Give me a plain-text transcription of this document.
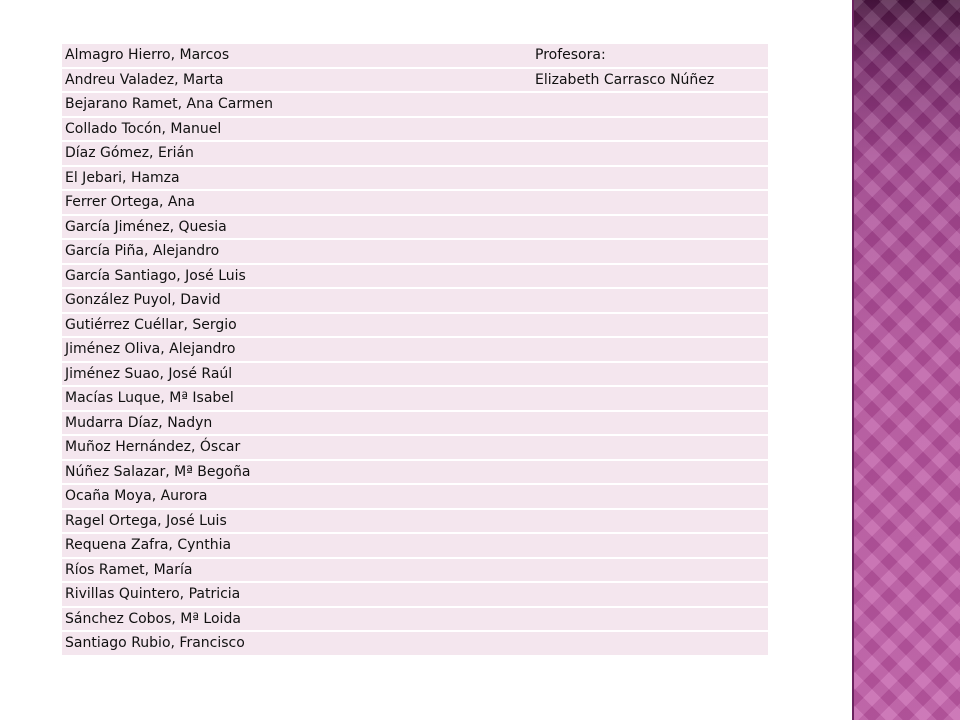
Almagro Hierro, Marcos	Profesora:
Andreu Valadez, Marta	Elizabeth Carrasco Núñez
Bejarano Ramet, Ana Carmen	
Collado Tocón, Manuel	
Díaz Gómez, Erián	
El Jebari, Hamza	
Ferrer Ortega, Ana	
García Jiménez, Quesia	
García Piña, Alejandro	
García Santiago, José Luis	
González Puyol, David	
Gutiérrez Cuéllar, Sergio	
Jiménez Oliva, Alejandro	
Jiménez Suao, José Raúl	
Macías Luque, Mª Isabel	
Mudarra Díaz, Nadyn	
Muñoz Hernández, Óscar	
Núñez Salazar, Mª Begoña	
Ocaña Moya, Aurora	
Ragel Ortega, José Luis	
Requena Zafra, Cynthia	
Ríos Ramet, María	
Rivillas Quintero, Patricia	
Sánchez Cobos, Mª Loida	
Santiago Rubio, Francisco	
